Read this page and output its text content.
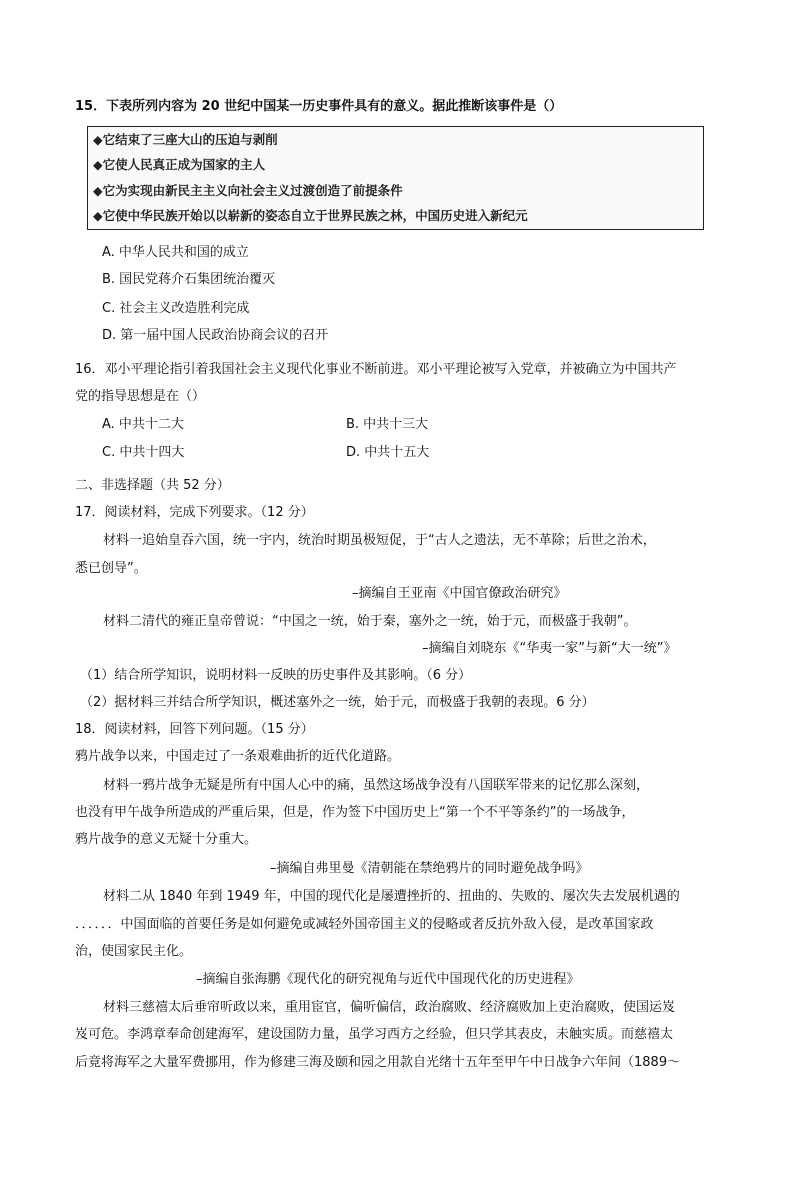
15．下表所列内容为 20 世纪中国某一历史事件具有的意义。据此推断该事件是（）
◆它结束了三座大山的压迫与剥削
◆它使人民真正成为国家的主人
◆它为实现由新民主主义向社会主义过渡创造了前提条件
◆它使中华民族开始以以崭新的姿态自立于世界民族之林，中国历史进入新纪元
A. 中华人民共和国的成立
B. 国民党蒋介石集团统治覆灭
C. 社会主义改造胜利完成
D. 第一届中国人民政治协商会议的召开
16．邓小平理论指引着我国社会主义现代化事业不断前进。邓小平理论被写入党章，并被确立为中国共产
党的指导思想是在（）
A. 中共十二大	B. 中共十三大
C. 中共十四大	D. 中共十五大
二、非选择题（共 52 分）
17．阅读材料，完成下列要求。（12 分）
材料一追始皇吞六国，统一宇内，统治时期虽极短促，于“古人之遗法，无不革除；后世之治术，
悉已创导”。
–摘编自王亚南《中国官僚政治研究》
材料二清代的雍正皇帝曾说：“中国之一统，始于秦，塞外之一统，始于元，而极盛于我朝”。
–摘编自刘晓东《“华夷一家”与新“大一统”》
（1）结合所学知识，说明材料一反映的历史事件及其影响。（6 分）
（2）据材料三并结合所学知识，概述塞外之一统，始于元，而极盛于我朝的表现。6 分）
18．阅读材料，回答下列问题。（15 分）
鸦片战争以来，中国走过了一条艰难曲折的近代化道路。
材料一鸦片战争无疑是所有中国人心中的痛，虽然这场战争没有八国联军带来的记忆那么深刻，
也没有甲午战争所造成的严重后果，但是，作为签下中国历史上“第一个不平等条约”的一场战争，
鸦片战争的意义无疑十分重大。
–摘编自弗里曼《清朝能在禁绝鸦片的同时避免战争吗》
材料二从 1840 年到 1949 年，中国的现代化是屡遭挫折的、扭曲的、失败的、屡次失去发展机遇的
．．．．．．中国面临的首要任务是如何避免或减轻外国帝国主义的侵略或者反抗外敌入侵，是改革国家政
治，使国家民主化。
–摘编自张海鹏《现代化的研究视角与近代中国现代化的历史进程》
材料三慈禧太后垂帘听政以来，重用宦官，偏听偏信，政治腐败、经济腐败加上吏治腐败，使国运岌
岌可危。李鸿章奉命创建海军，建设国防力量，虽学习西方之经验，但只学其表皮，未触实质。而慈禧太
后竟将海军之大量军费挪用，作为修建三海及颐和园之用款自光绪十五年至甲午中日战争六年间（1889～
